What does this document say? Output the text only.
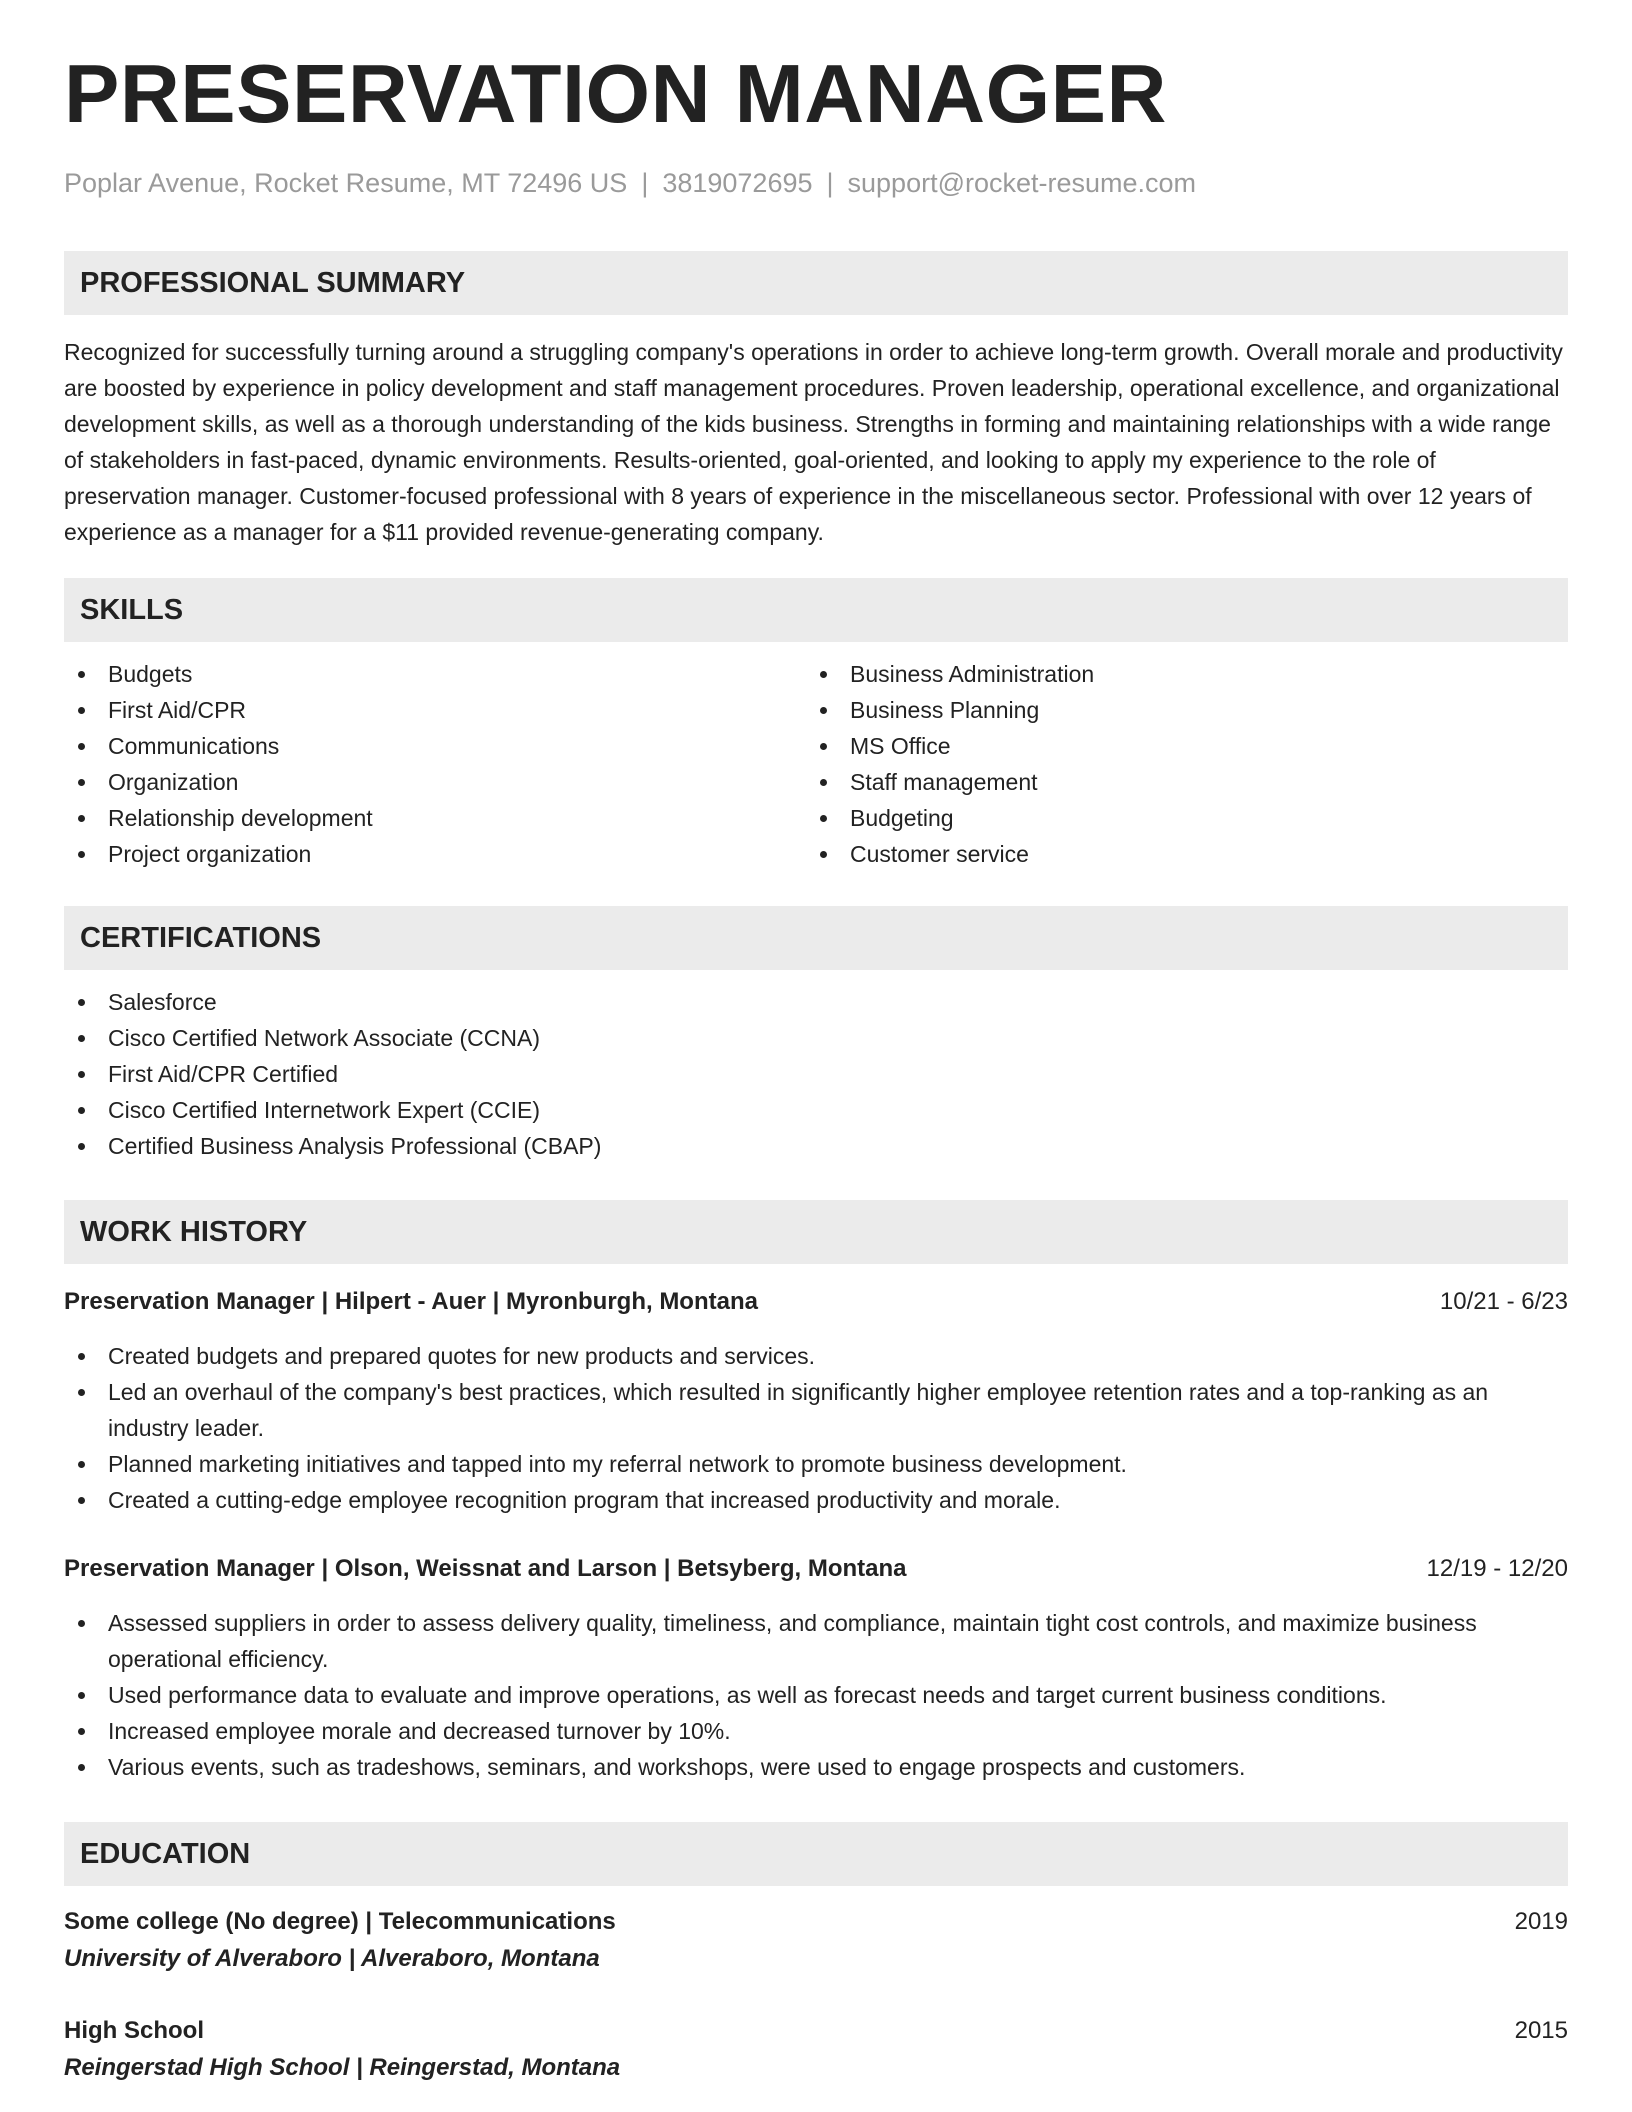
PRESERVATION MANAGER
Poplar Avenue, Rocket Resume, MT 72496 US | 3819072695 | support@rocket-resume.com
PROFESSIONAL SUMMARY

Recognized for successfully turning around a struggling company's operations in order to achieve long-term growth. Overall morale and productivity are boosted by experience in policy development and staff management procedures. Proven leadership, operational excellence, and organizational development skills, as well as a thorough understanding of the kids business. Strengths in forming and maintaining relationships with a wide range of stakeholders in fast-paced, dynamic environments. Results-oriented, goal-oriented, and looking to apply my experience to the role of preservation manager. Customer-focused professional with 8 years of experience in the miscellaneous sector. Professional with over 12 years of experience as a manager for a $11 provided revenue-generating company.

SKILLS
Budgets
First Aid/CPR
Communications
Organization
Relationship development
Project organization
Business Administration
Business Planning
MS Office
Staff management
Budgeting
Customer service
CERTIFICATIONS
Salesforce
Cisco Certified Network Associate (CCNA)
First Aid/CPR Certified
Cisco Certified Internetwork Expert (CCIE)
Certified Business Analysis Professional (CBAP)
WORK HISTORY
Preservation Manager | Hilpert - Auer | Myronburgh, Montana	10/21 - 6/23
Created budgets and prepared quotes for new products and services.
Led an overhaul of the company's best practices, which resulted in significantly higher employee retention rates and a top-ranking as an industry leader.
Planned marketing initiatives and tapped into my referral network to promote business development.
Created a cutting-edge employee recognition program that increased productivity and morale.
Preservation Manager | Olson, Weissnat and Larson | Betsyberg, Montana	12/19 - 12/20
Assessed suppliers in order to assess delivery quality, timeliness, and compliance, maintain tight cost controls, and maximize business operational efficiency.
Used performance data to evaluate and improve operations, as well as forecast needs and target current business conditions.
Increased employee morale and decreased turnover by 10%.
Various events, such as tradeshows, seminars, and workshops, were used to engage prospects and customers.
EDUCATION
Some college (No degree) | Telecommunications	2019
University of Alveraboro | Alveraboro, Montana
High School	2015
Reingerstad High School | Reingerstad, Montana
